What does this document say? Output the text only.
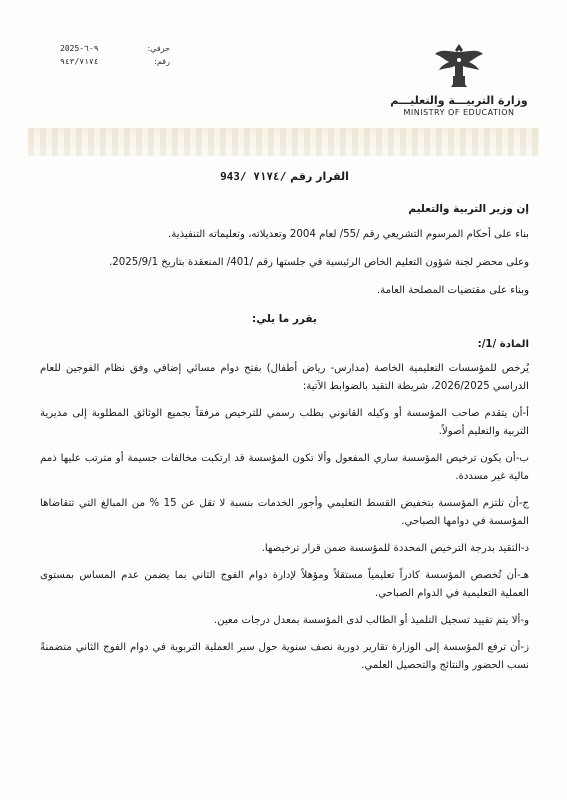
حرفي:
2025-٩-٦
رقم:
٩٤٣/٧١٧٤
وزارة التربيـــة والتعليـــم
MINISTRY OF EDUCATION
القرار رقم 943/ ٧١٧٤/
إن وزير التربية والتعليم

بناء على أحكام المرسوم التشريعي رقم /55/ لعام 2004 وتعديلاته، وتعليماته التنفيذية.

وعلى محضر لجنة شؤون التعليم الخاص الرئيسية في جلستها رقم /401/ المنعقدة بتاريخ 2025/9/1.

وبناء على مقتضيات المصلحة العامة.

يقرر ما يلي:
المادة /1/:

يُرخص للمؤسسات التعليمية الخاصة (مدارس- رياض أطفال) بفتح دوام مسائي إضافي وفق نظام الفوجين للعام الدراسي 2026/2025، شريطة التقيد بالضوابط الآتية:

أ-أن يتقدم صاحب المؤسسة أو وكيله القانوني بطلب رسمي للترخيص مرفقاً بجميع الوثائق المطلوبة إلى مديرية التربية والتعليم أصولاً.

ب-أن يكون ترخيص المؤسسة ساري المفعول وألا تكون المؤسسة قد ارتكبت مخالفات جسيمة أو مترتب عليها ذمم مالية غير مسددة.

ج-أن تلتزم المؤسسة بتخفيض القسط التعليمي وأجور الخدمات بنسبة لا تقل عن 15 % من المبالغ التي تتقاضاها المؤسسة في دوامها الصباحي.

د-التقيد بدرجة الترخيص المحددة للمؤسسة ضمن قرار ترخيصها.

هـ-أن تُخصص المؤسسة كادراً تعليمياً مستقلاً ومؤهلاً لإدارة دوام الفوج الثاني بما يضمن عدم المساس بمستوى العملية التعليمية في الدوام الصباحي.

و-ألا يتم تقييد تسجيل التلميذ أو الطالب لدى المؤسسة بمعدل درجات معين.

ز-أن ترفع المؤسسة إلى الوزارة تقارير دورية نصف سنوية حول سير العملية التربوية في دوام الفوج الثاني متضمنةً نسب الحضور والنتائج والتحصيل العلمي.
